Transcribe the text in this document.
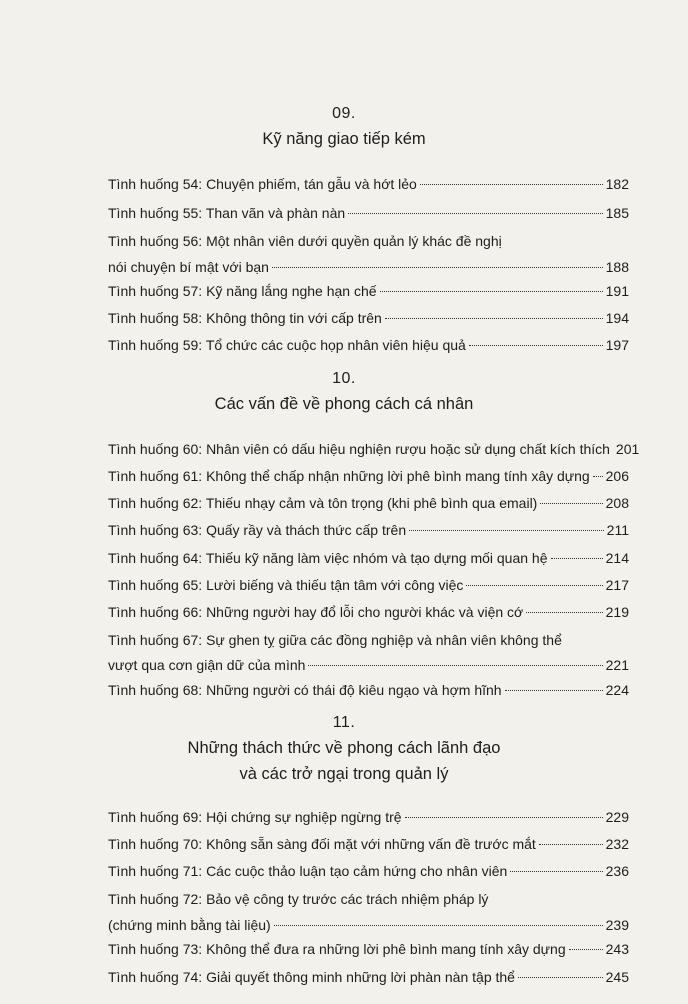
09.
Kỹ năng giao tiếp kém
Tình huống 54: Chuyện phiếm, tán gẫu và hớt lẻo	182
Tình huống 55: Than vãn và phàn nàn	185
Tình huống 56: Một nhân viên dưới quyền quản lý khác đề nghị
nói chuyện bí mật với bạn	188
Tình huống 57: Kỹ năng lắng nghe hạn chế	191
Tình huống 58: Không thông tin với cấp trên	194
Tình huống 59: Tổ chức các cuộc họp nhân viên hiệu quả	197
10.
Các vấn đề về phong cách cá nhân
Tình huống 60: Nhân viên có dấu hiệu nghiện rượu hoặc sử dụng chất kích thích 201
Tình huống 61: Không thể chấp nhận những lời phê bình mang tính xây dựng 206
Tình huống 62: Thiếu nhạy cảm và tôn trọng (khi phê bình qua email)	208
Tình huống 63: Quấy rầy và thách thức cấp trên	211
Tình huống 64: Thiếu kỹ năng làm việc nhóm và tạo dựng mối quan hệ	214
Tình huống 65: Lười biếng và thiếu tận tâm với công việc	217
Tình huống 66: Những người hay đổ lỗi cho người khác và viện cớ	219
Tình huống 67: Sự ghen tỵ giữa các đồng nghiệp và nhân viên không thể
vượt qua cơn giận dữ của mình	221
Tình huống 68: Những người có thái độ kiêu ngạo và hợm hĩnh	224
11.
Những thách thức về phong cách lãnh đạo
và các trở ngại trong quản lý
Tình huống 69: Hội chứng sự nghiệp ngừng trệ	229
Tình huống 70: Không sẵn sàng đối mặt với những vấn đề trước mắt	232
Tình huống 71: Các cuộc thảo luận tạo cảm hứng cho nhân viên	236
Tình huống 72: Bảo vệ công ty trước các trách nhiệm pháp lý
(chứng minh bằng tài liệu)	239
Tình huống 73: Không thể đưa ra những lời phê bình mang tính xây dựng	243
Tình huống 74: Giải quyết thông minh những lời phàn nàn tập thể	245
